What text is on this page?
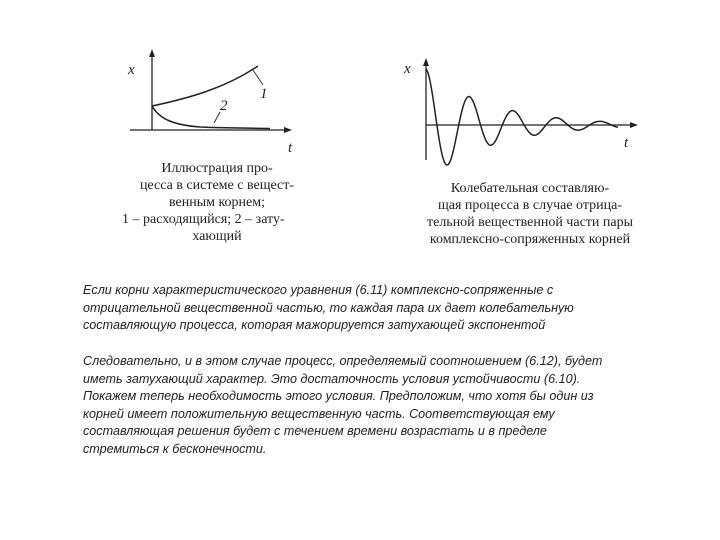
x
t
1
2
Иллюстрация про-
цесса в системе с вещест-
венным корнем;
1 – расходящийся; 2 – зату-
хающий
x
t
Колебательная составляю-
щая процесса в случае отрица-
тельной вещественной части пары
комплексно-сопряженных корней
Если корни характеристического уравнения (6.11) комплексно-сопряженные с
отрицательной вещественной частью, то каждая пара их дает колебательную
составляющую процесса, которая мажорируется затухающей экспонентой
Следовательно, и в этом случае процесс, определяемый соотношением (6.12), будет
иметь затухающий характер. Это достаточность условия устойчивости (6.10).
Покажем теперь необходимость этого условия. Предположим, что хотя бы один из
корней имеет положительную вещественную часть. Соответствующая ему
составляющая решения будет с течением времени возрастать и в пределе
стремиться к бесконечности.
